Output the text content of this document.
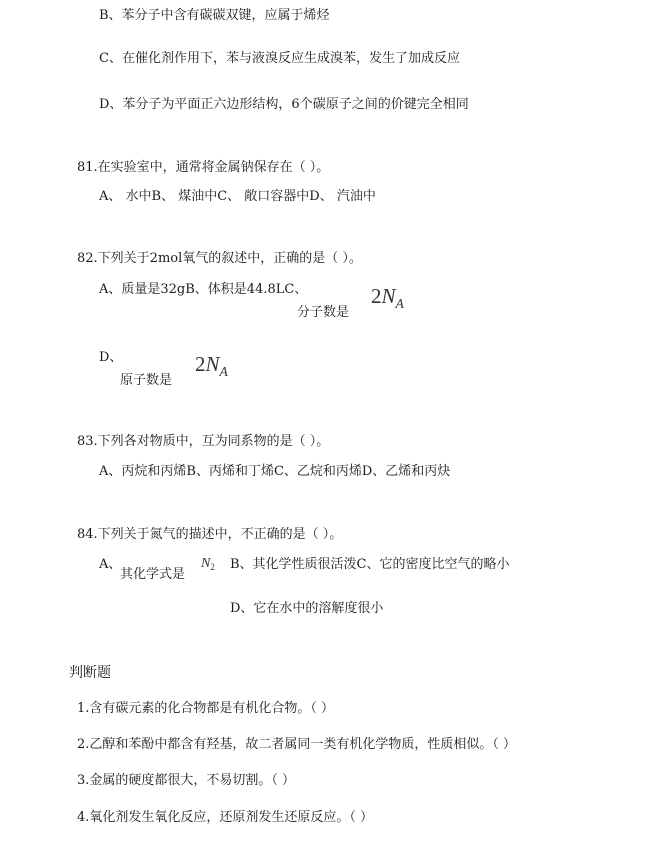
B、苯分子中含有碳碳双键，应属于烯烃
C、在催化剂作用下，苯与液溴反应生成溴苯，发生了加成反应
D、苯分子为平面正六边形结构，6个碳原子之间的价键完全相同
81.在实验室中，通常将金属钠保存在（ ）。
A、 水中B、 煤油中C、 敞口容器中D、 汽油中
82.下列关于2mol氧气的叙述中，正确的是（ ）。
A、质量是32gB、体积是44.8LC、
分子数是
$2N_A$
D、
原子数是
$2N_A$
83.下列各对物质中，互为同系物的是（ ）。
A、丙烷和丙烯B、丙烯和丁烯C、乙烷和丙烯D、乙烯和丙炔
84.下列关于氮气的描述中，不正确的是（ ）。
A、
其化学式是
$N_2$ B、其化学性质很活泼C、它的密度比空气的略小
D、它在水中的溶解度很小
判断题
1.含有碳元素的化合物都是有机化合物。（ ）
2.乙醇和苯酚中都含有羟基，故二者属同一类有机化学物质，性质相似。（ ）
3.金属的硬度都很大，不易切割。（ ）
4.氧化剂发生氧化反应，还原剂发生还原反应。（ ）
